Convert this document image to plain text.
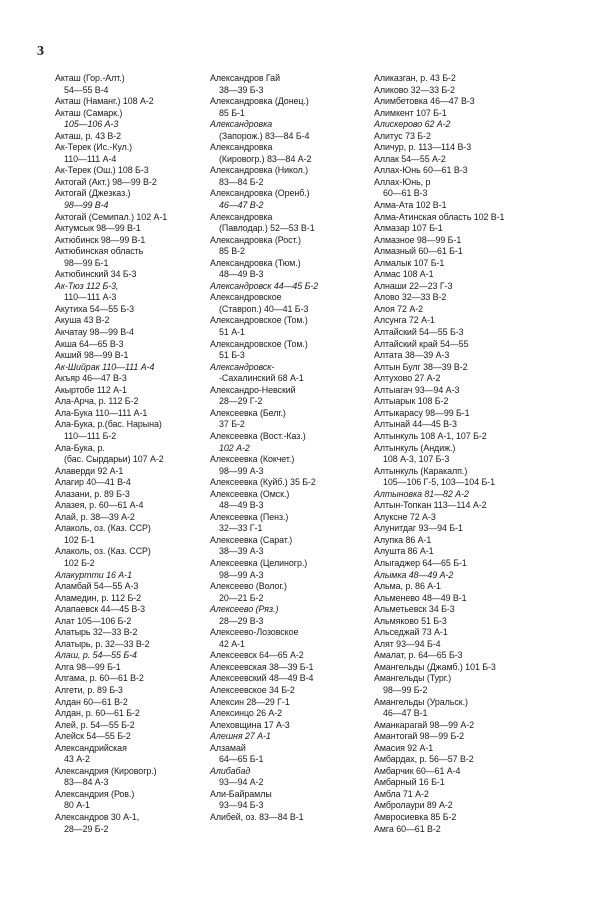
3
Акташ (Гор.-Алт.)
54—55 В-4
Акташ (Наманг.) 108 А-2
Акташ (Самарк.)
105—106 А-3
Акташ, р. 43 В-2
Ак-Терек (Ис.-Кул.)
110—111 А-4
Ак-Терек (Ош.) 108 Б-3
Актогай (Акт.) 98—99 В-2
Актогай (Джезказ.)
98—99 В-4
Актогай (Семипал.) 102 А-1
Актумсык 98—99 В-1
Актюбинск 98—99 В-1
Актюбинская область
98—99 Б-1
Актюбинский 34 Б-3
Ак-Тюз 112 Б-3,
110—111 А-3
Акутиха 54—55 Б-3
Акуша 43 В-2
Акчатау 98—99 В-4
Акша 64—65 В-3
Акший 98—99 В-1
Ак-Шийрак 110—111 А-4
Акъяр 46—47 В-3
Акыртобе 112 А-1
Ала-Арча, р. 112 Б-2
Ала-Бука 110—111 А-1
Ала-Бука, р.(бас. Нарына)
110—111 Б-2
Ала-Бука, р.
(бас. Сырдарьи) 107 А-2
Алаверди 92 А-1
Алагир 40—41 В-4
Алазани, р. 89 Б-3
Алазея, р. 60—61 А-4
Алай, р. 38—39 А-2
Алаколь, оз. (Каз. ССР)
102 Б-1
Алаколь, оз. (Каз. ССР)
102 Б-2
Алакуртти 16 А-1
Аламбай 54—55 А-3
Аламедин, р. 112 Б-2
Алапаевск 44—45 В-3
Алат 105—106 Б-2
Алатырь 32—33 В-2
Алатырь, р. 32—33 В-2
Алаш, р. 54—55 Б-4
Алга 98—99 Б-1
Алгама, р. 60—61 В-2
Алгети, р. 89 Б-3
Алдан 60—61 В-2
Алдан, р. 60—61 Б-2
Алей, р. 54—55 Б-2
Алейск 54—55 Б-2
Александрийская
43 А-2
Александрия (Кировогр.)
83—84 А-3
Александрия (Ров.)
80 А-1
Александров 30 А-1,
28—29 Б-2
Александров Гай
38—39 Б-3
Александровка (Донец.)
85 Б-1
Александровка
(Запорож.) 83—84 Б-4
Александровка
(Кировогр.) 83—84 А-2
Александровка (Никол.)
83—84 Б-2
Александровка (Оренб.)
46—47 В-2
Александровка
(Павлодар.) 52—53 В-1
Александровка (Рост.)
85 В-2
Александровка (Тюм.)
48—49 В-3
Александровск 44—45 Б-2
Александровское
(Ставроп.) 40—41 Б-3
Александровское (Том.)
51 А-1
Александровское (Том.)
51 Б-3
Александровск-
-Сахалинский 68 А-1
Александро-Невский
28—29 Г-2
Алексеевка (Белг.)
37 Б-2
Алексеевка (Вост.-Каз.)
102 А-2
Алексеевка (Кокчет.)
98—99 А-3
Алексеевка (Куйб.) 35 Б-2
Алексеевка (Омск.)
48—49 В-3
Алексеевка (Пенз.)
32—33 Г-1
Алексеевка (Сарат.)
38—39 А-3
Алексеевка (Целиногр.)
98—99 А-3
Алексеево (Волог.)
20—21 Б-2
Алексеево (Ряз.)
28—29 В-3
Алексеево-Лозовское
42 А-1
Алексеевск 64—65 А-2
Алексеевская 38—39 Б-1
Алексеевский 48—49 В-4
Алексеевское 34 Б-2
Алексин 28—29 Г-1
Алексинцо 26 А-2
Алеховщина 17 А-3
Алешня 27 А-1
Алзамай
64—65 Б-1
Алибабад
93—94 А-2
Али-Байрамлы
93—94 Б-3
Алибей, оз. 83—84 В-1
Аликазган, р. 43 Б-2
Аликово 32—33 Б-2
Алимбетовка 46—47 В-3
Алимкент 107 Б-1
Алискерово 62 А-2
Алитус 73 Б-2
Аличур, р. 113—114 В-3
Аллак 54—55 А-2
Аллах-Юнь 60—61 В-3
Аллах-Юнь, р
60—61 В-3
Алма-Ата 102 В-1
Алма-Атинская область 102 В-1
Алмазар 107 Б-1
Алмазное 98—99 Б-1
Алмазный 60—61 Б-1
Алмалык 107 Б-1
Алмас 108 А-1
Алнаши 22—23 Г-3
Алово 32—33 В-2
Алоя 72 А-2
Алсунга 72 А-1
Алтайский 54—55 Б-3
Алтайский край 54—55
Алтата 38—39 А-3
Алтын Булг 38—39 В-2
Алтухово 27 А-2
Алтыагач 93—94 А-3
Алтыарык 108 Б-2
Алтыкарасу 98—99 Б-1
Алтынай 44—45 В-3
Алтынкуль 108 А-1, 107 Б-2
Алтынкуль (Андиж.)
108 А-3, 107 Б-3
Алтынкуль (Каракалп.)
105—106 Г-5, 103—104 Б-1
Алтыновка 81—82 А-2
Алтын-Топкан 113—114 А-2
Алуксне 72 А-3
Алунитдаг 93—94 Б-1
Алупка 86 А-1
Алушта 86 А-1
Алыгаджер 64—65 Б-1
Алымка 48—49 А-2
Альма, р. 86 А-1
Альменево 48—49 В-1
Альметьевск 34 Б-3
Альмяково 51 Б-3
Альседжай 73 А-1
Алят 93—94 Б-4
Амалат, р. 64—65 Б-3
Амангельды (Джамб.) 101 Б-3
Амангельды (Тург.)
98—99 Б-2
Амангельды (Уральск.)
46—47 В-1
Аманкарагай 98—99 А-2
Амантогай 98—99 Б-2
Амасия 92 А-1
Амбардах, р. 56—57 В-2
Амбарчик 60—61 А-4
Амбарный 16 Б-1
Амбла 71 А-2
Амбролаури 89 А-2
Амвросиевка 85 Б-2
Амга 60—61 В-2
